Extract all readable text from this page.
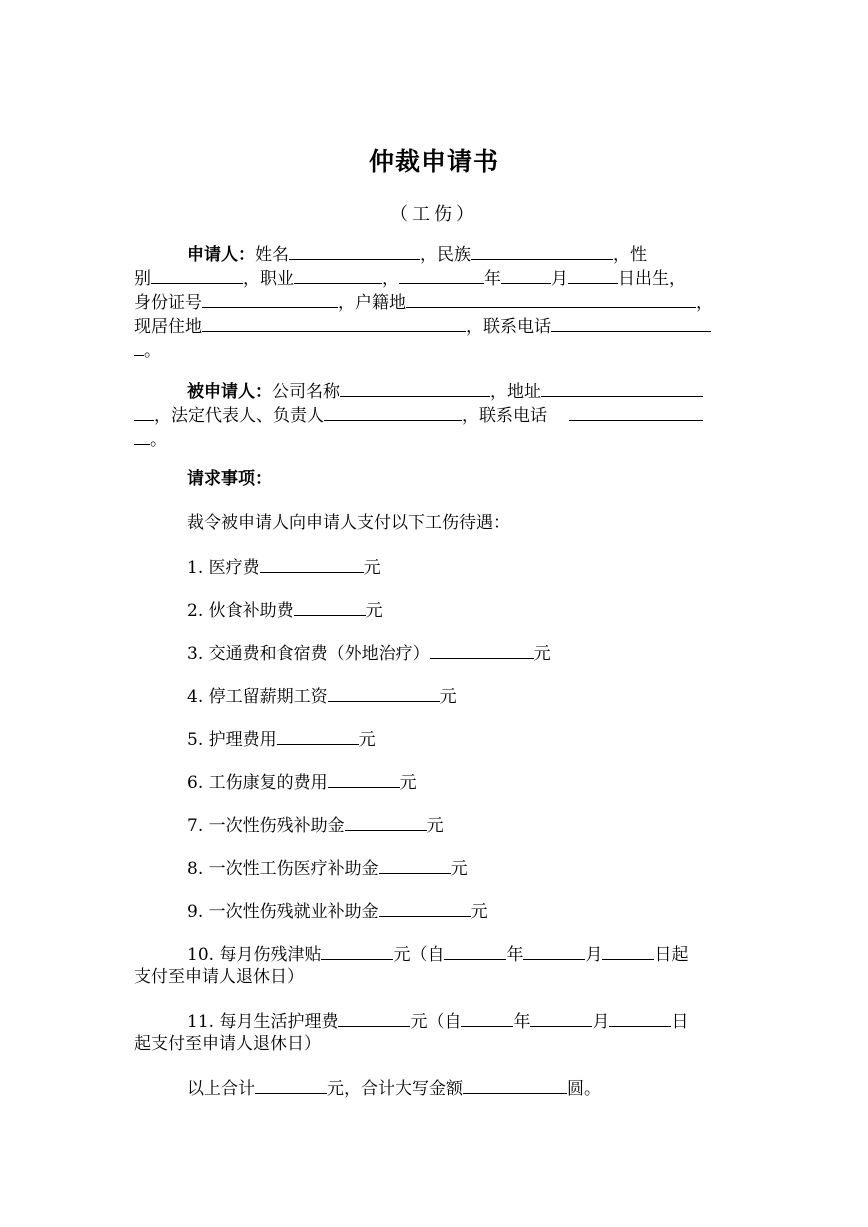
仲裁申请书
（工伤）
申请人：姓名	，民族	，性
别	，职业	，	年	月	日出生，
身份证号	，户籍地	，
现居住地	，联系电话
。
被申请人：公司名称	，地址
，法定代表人、负责人	，联系电话
。
请求事项：
裁令被申请人向申请人支付以下工伤待遇：
1. 医疗费	元
2. 伙食补助费	元
3. 交通费和食宿费（外地治疗）	元
4. 停工留薪期工资	元
5. 护理费用	元
6. 工伤康复的费用	元
7. 一次性伤残补助金	元
8. 一次性工伤医疗补助金	元
9. 一次性伤残就业补助金	元
10. 每月伤残津贴	元（自	年	月	日起
支付至申请人退休日）
11. 每月生活护理费	元（自	年	月	日
起支付至申请人退休日）
以上合计	元，合计大写金额	圆。
